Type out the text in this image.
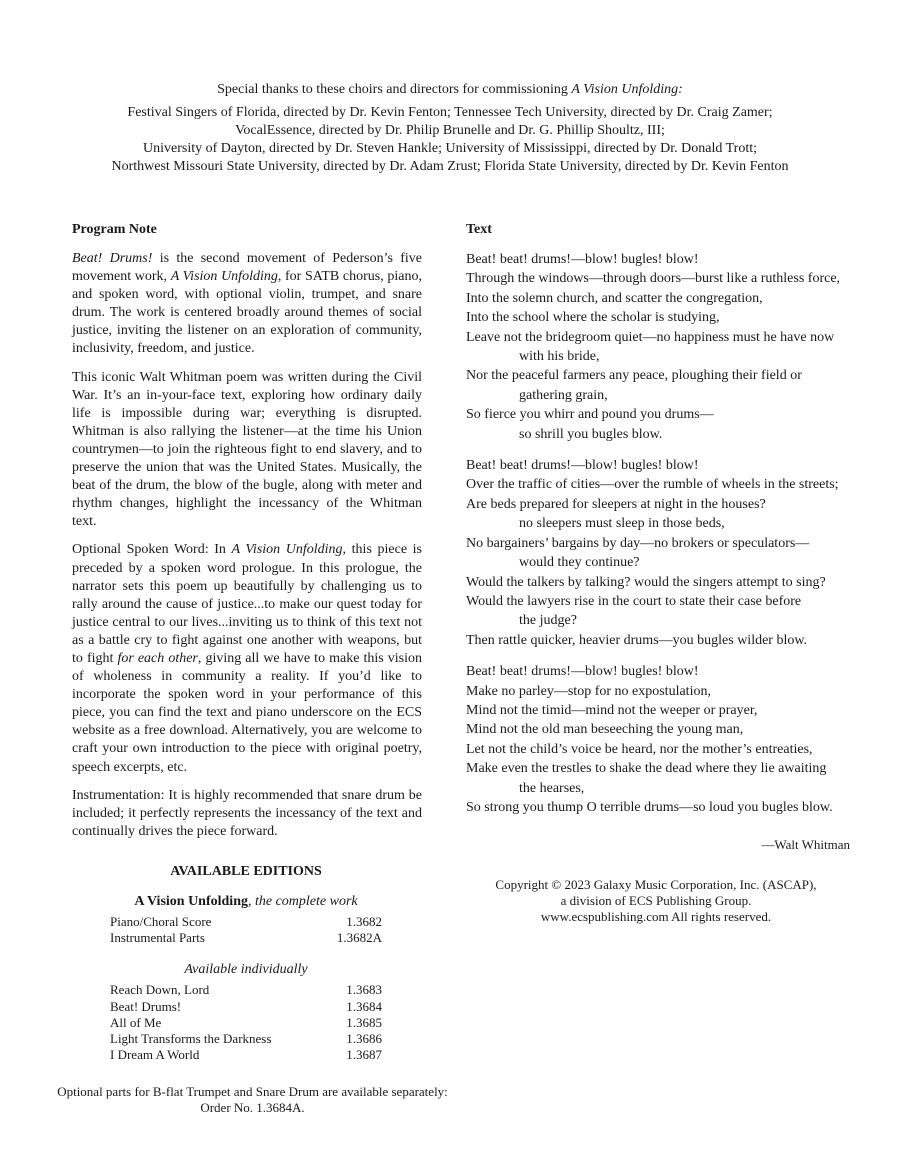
Special thanks to these choirs and directors for commissioning A Vision Unfolding:

Festival Singers of Florida, directed by Dr. Kevin Fenton; Tennessee Tech University, directed by Dr. Craig Zamer;

VocalEssence, directed by Dr. Philip Brunelle and Dr. G. Phillip Shoultz, III;

University of Dayton, directed by Dr. Steven Hankle; University of Mississippi, directed by Dr. Donald Trott;

Northwest Missouri State University, directed by Dr. Adam Zrust; Florida State University, directed by Dr. Kevin Fenton

Program Note

Beat! Drums! is the second movement of Pederson’s five movement work, A Vision Unfolding, for SATB chorus, piano, and spoken word, with optional violin, trumpet, and snare drum. The work is centered broadly around themes of social justice, inviting the listener on an exploration of community, inclusivity, freedom, and justice.

This iconic Walt Whitman poem was written during the Civil War. It’s an in-your-face text, exploring how ordinary daily life is impossible during war; everything is disrupted. Whitman is also rallying the listener—at the time his Union countrymen—to join the righteous fight to end slavery, and to preserve the union that was the United States. Musically, the beat of the drum, the blow of the bugle, along with meter and rhythm changes, highlight the incessancy of the Whitman text.

Optional Spoken Word: In A Vision Unfolding, this piece is preceded by a spoken word prologue. In this prologue, the narrator sets this poem up beautifully by challenging us to rally around the cause of justice...to make our quest today for justice central to our lives...inviting us to think of this text not as a battle cry to fight against one another with weapons, but to fight for each other, giving all we have to make this vision of wholeness in community a reality. If you’d like to incorporate the spoken word in your performance of this piece, you can find the text and piano underscore on the ECS website as a free download. Alternatively, you are welcome to craft your own introduction to the piece with original poetry, speech excerpts, etc.

Instrumentation: It is highly recommended that snare drum be included; it perfectly represents the incessancy of the text and continually drives the piece forward.

Text
Beat! beat! drums!—blow! bugles! blow!
Through the windows—through doors—burst like a ruthless force,
Into the solemn church, and scatter the congregation,
Into the school where the scholar is studying,
Leave not the bridegroom quiet—no happiness must he have now
with his bride,
Nor the peaceful farmers any peace, ploughing their field or
gathering grain,
So fierce you whirr and pound you drums—
so shrill you bugles blow.
Beat! beat! drums!—blow! bugles! blow!
Over the traffic of cities—over the rumble of wheels in the streets;
Are beds prepared for sleepers at night in the houses?
no sleepers must sleep in those beds,
No bargainers’ bargains by day—no brokers or speculators—
would they continue?
Would the talkers by talking? would the singers attempt to sing?
Would the lawyers rise in the court to state their case before
the judge?
Then rattle quicker, heavier drums—you bugles wilder blow.
Beat! beat! drums!—blow! bugles! blow!
Make no parley—stop for no expostulation,
Mind not the timid—mind not the weeper or prayer,
Mind not the old man beseeching the young man,
Let not the child’s voice be heard, nor the mother’s entreaties,
Make even the trestles to shake the dead where they lie awaiting
the hearses,
So strong you thump O terrible drums—so loud you bugles blow.
—Walt Whitman
AVAILABLE EDITIONS
A Vision Unfolding, the complete work
Piano/Choral Score	1.3682
Instrumental Parts	1.3682A
Available individually
Reach Down, Lord	1.3683
Beat! Drums!	1.3684
All of Me	1.3685
Light Transforms the Darkness	1.3686
I Dream A World	1.3687

Copyright © 2023 Galaxy Music Corporation, Inc. (ASCAP),

a division of ECS Publishing Group.

www.ecspublishing.com All rights reserved.

Optional parts for B-flat Trumpet and Snare Drum are available separately:

Order No. 1.3684A.
